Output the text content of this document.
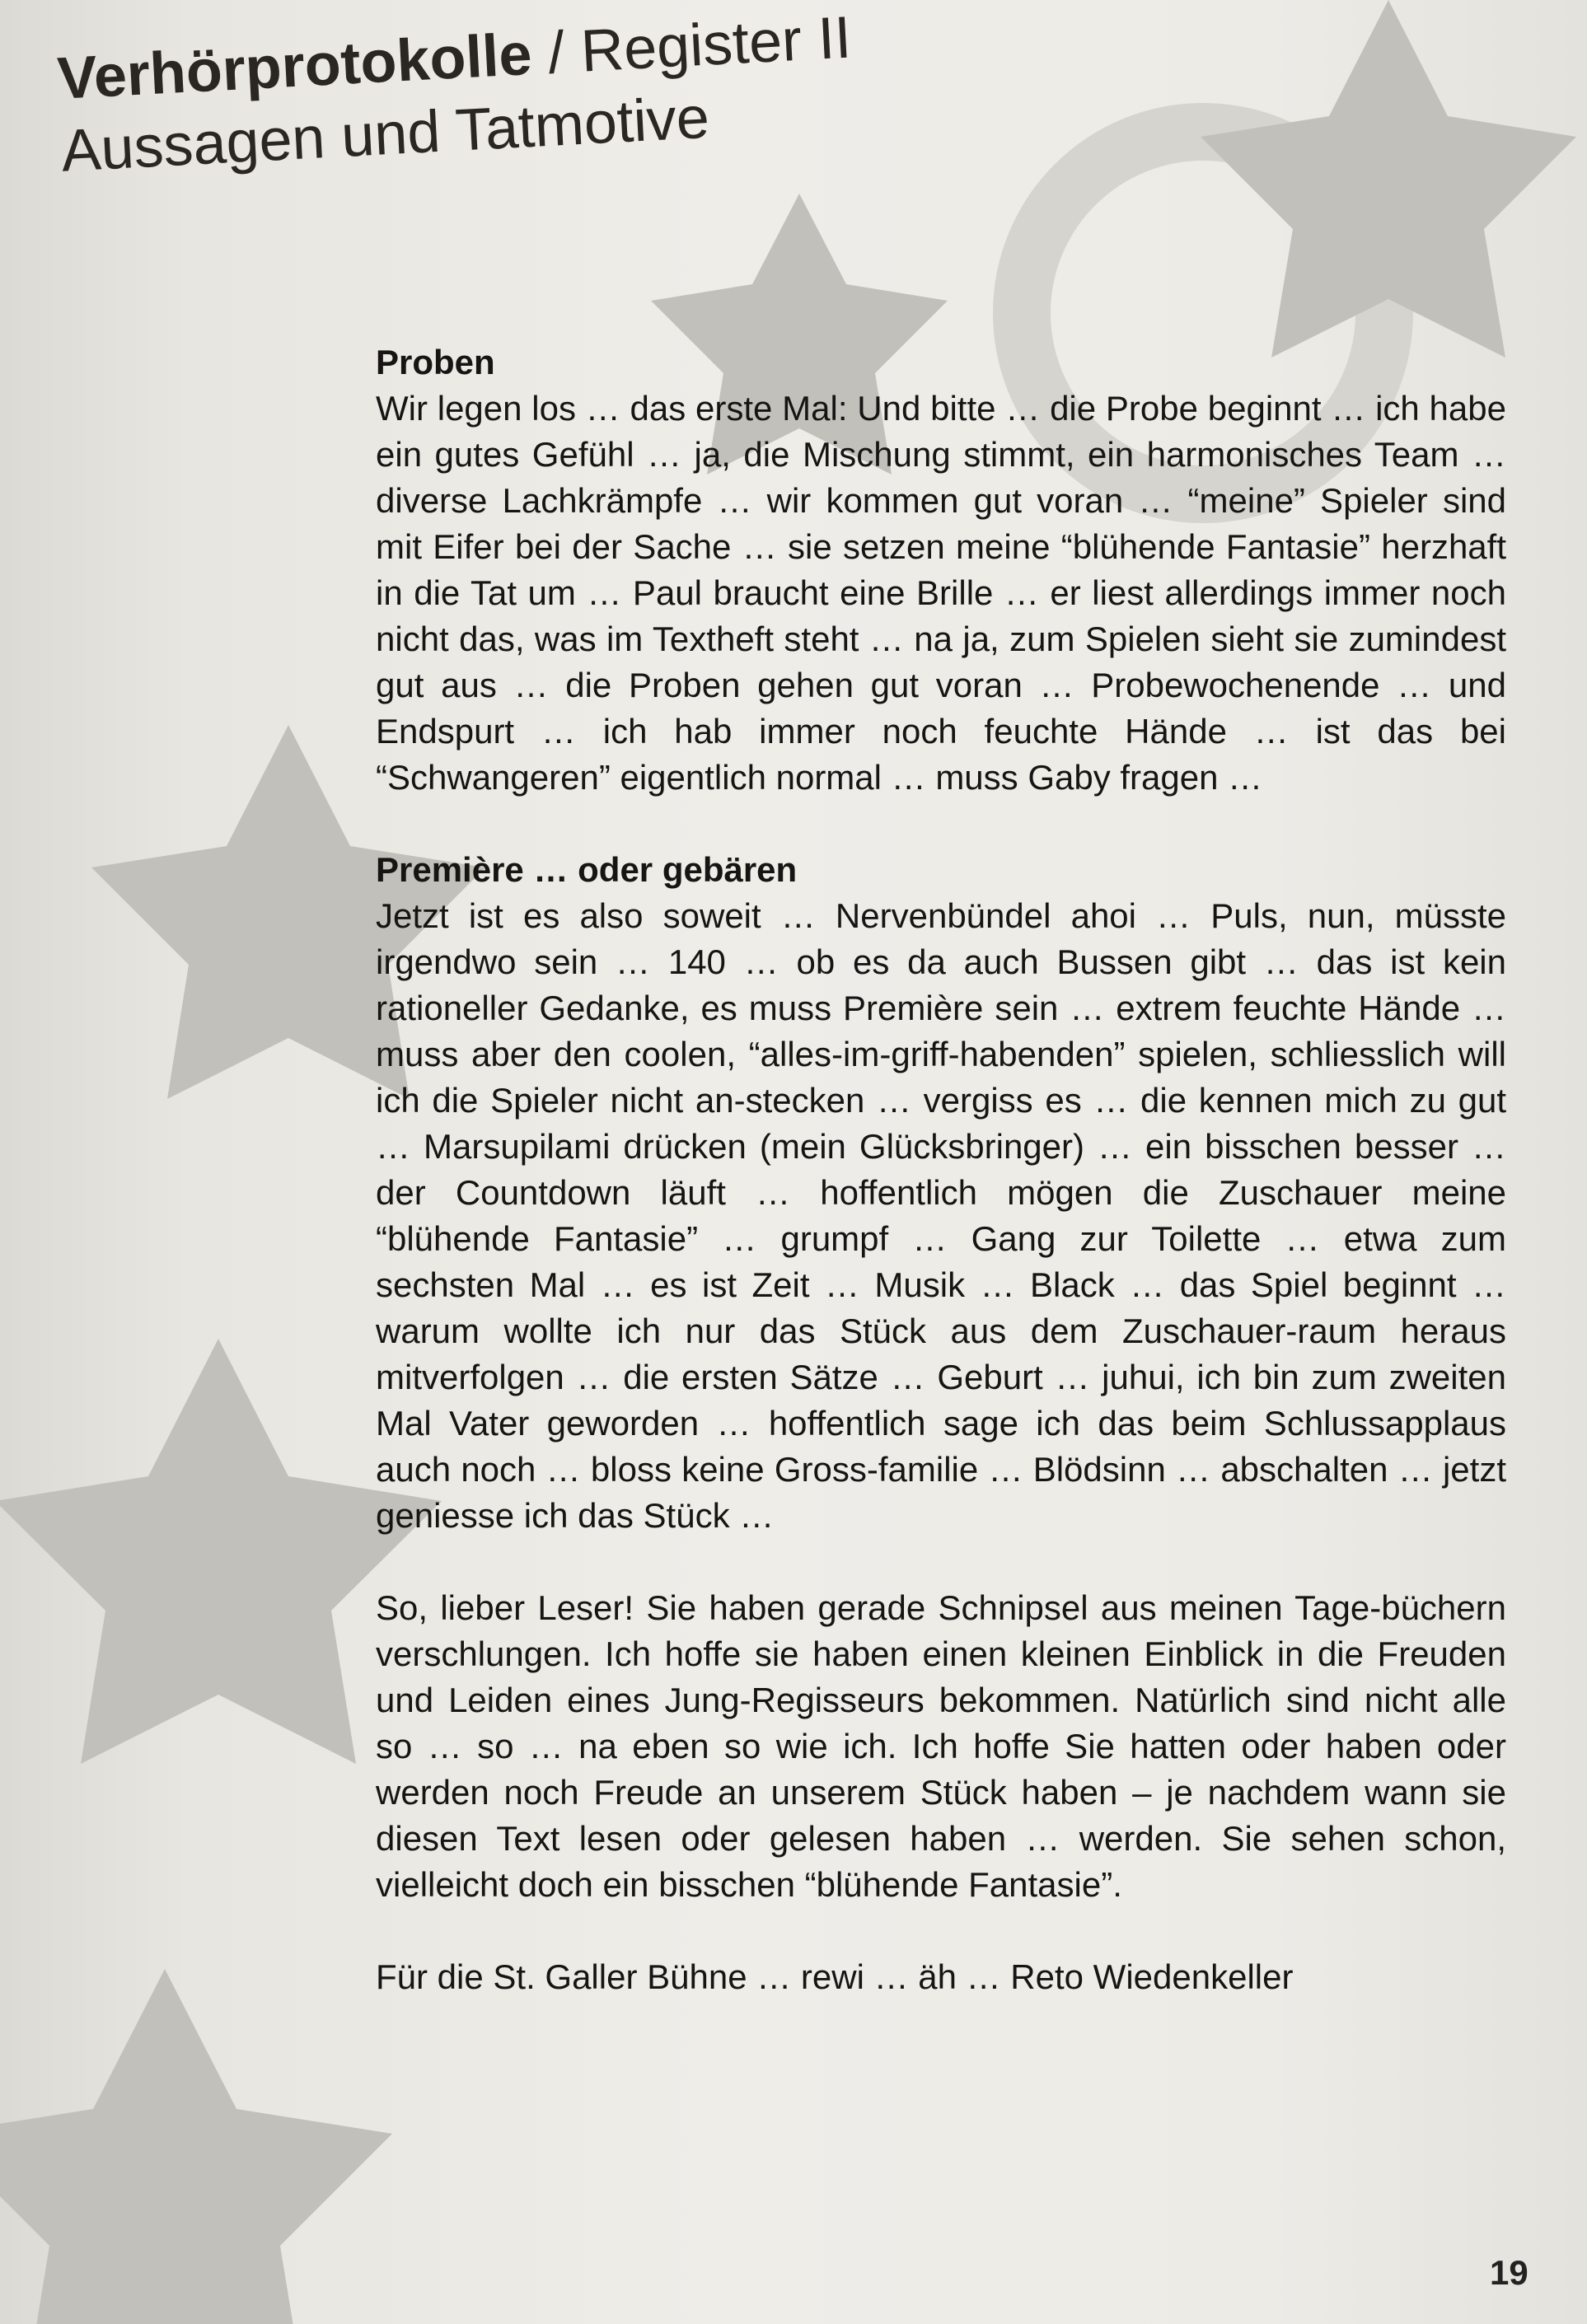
Verhörprotokolle / Register II
Aussagen und Tatmotive

Proben

Wir legen los … das erste Mal: Und bitte … die Probe beginnt … ich habe ein gutes Gefühl … ja, die Mischung stimmt, ein harmonisches Team … diverse Lachkrämpfe … wir kommen gut voran … “meine” Spieler sind mit Eifer bei der Sache … sie setzen meine “blühende Fantasie” herzhaft in die Tat um … Paul braucht eine Brille … er liest allerdings immer noch nicht das, was im Textheft steht … na ja, zum Spielen sieht sie zumindest gut aus … die Proben gehen gut voran … Probewochenende … und Endspurt … ich hab immer noch feuchte Hände … ist das bei “Schwangeren” eigentlich normal … muss Gaby fragen …

Première … oder gebären

Jetzt ist es also soweit … Nervenbündel ahoi … Puls, nun, müsste irgendwo sein … 140 … ob es da auch Bussen gibt … das ist kein rationeller Gedanke, es muss Première sein … extrem feuchte Hände … muss aber den coolen, “alles-im-griff-habenden” spielen, schliesslich will ich die Spieler nicht an-stecken … vergiss es … die kennen mich zu gut … Marsupilami drücken (mein Glücksbringer) … ein bisschen besser … der Countdown läuft … hoffentlich mögen die Zuschauer meine “blühende Fantasie” … grumpf … Gang zur Toilette … etwa zum sechsten Mal … es ist Zeit … Musik … Black … das Spiel beginnt … warum wollte ich nur das Stück aus dem Zuschauer-raum heraus mitverfolgen … die ersten Sätze … Geburt … juhui, ich bin zum zweiten Mal Vater geworden … hoffentlich sage ich das beim Schlussapplaus auch noch … bloss keine Gross-familie … Blödsinn … abschalten … jetzt geniesse ich das Stück …

So, lieber Leser! Sie haben gerade Schnipsel aus meinen Tage-büchern verschlungen. Ich hoffe sie haben einen kleinen Einblick in die Freuden und Leiden eines Jung-Regisseurs bekommen. Natürlich sind nicht alle so … so … na eben so wie ich. Ich hoffe Sie hatten oder haben oder werden noch Freude an unserem Stück haben – je nachdem wann sie diesen Text lesen oder gelesen haben … werden. Sie sehen schon, vielleicht doch ein bisschen “blühende Fantasie”.

Für die St. Galler Bühne … rewi … äh … Reto Wiedenkeller

19
